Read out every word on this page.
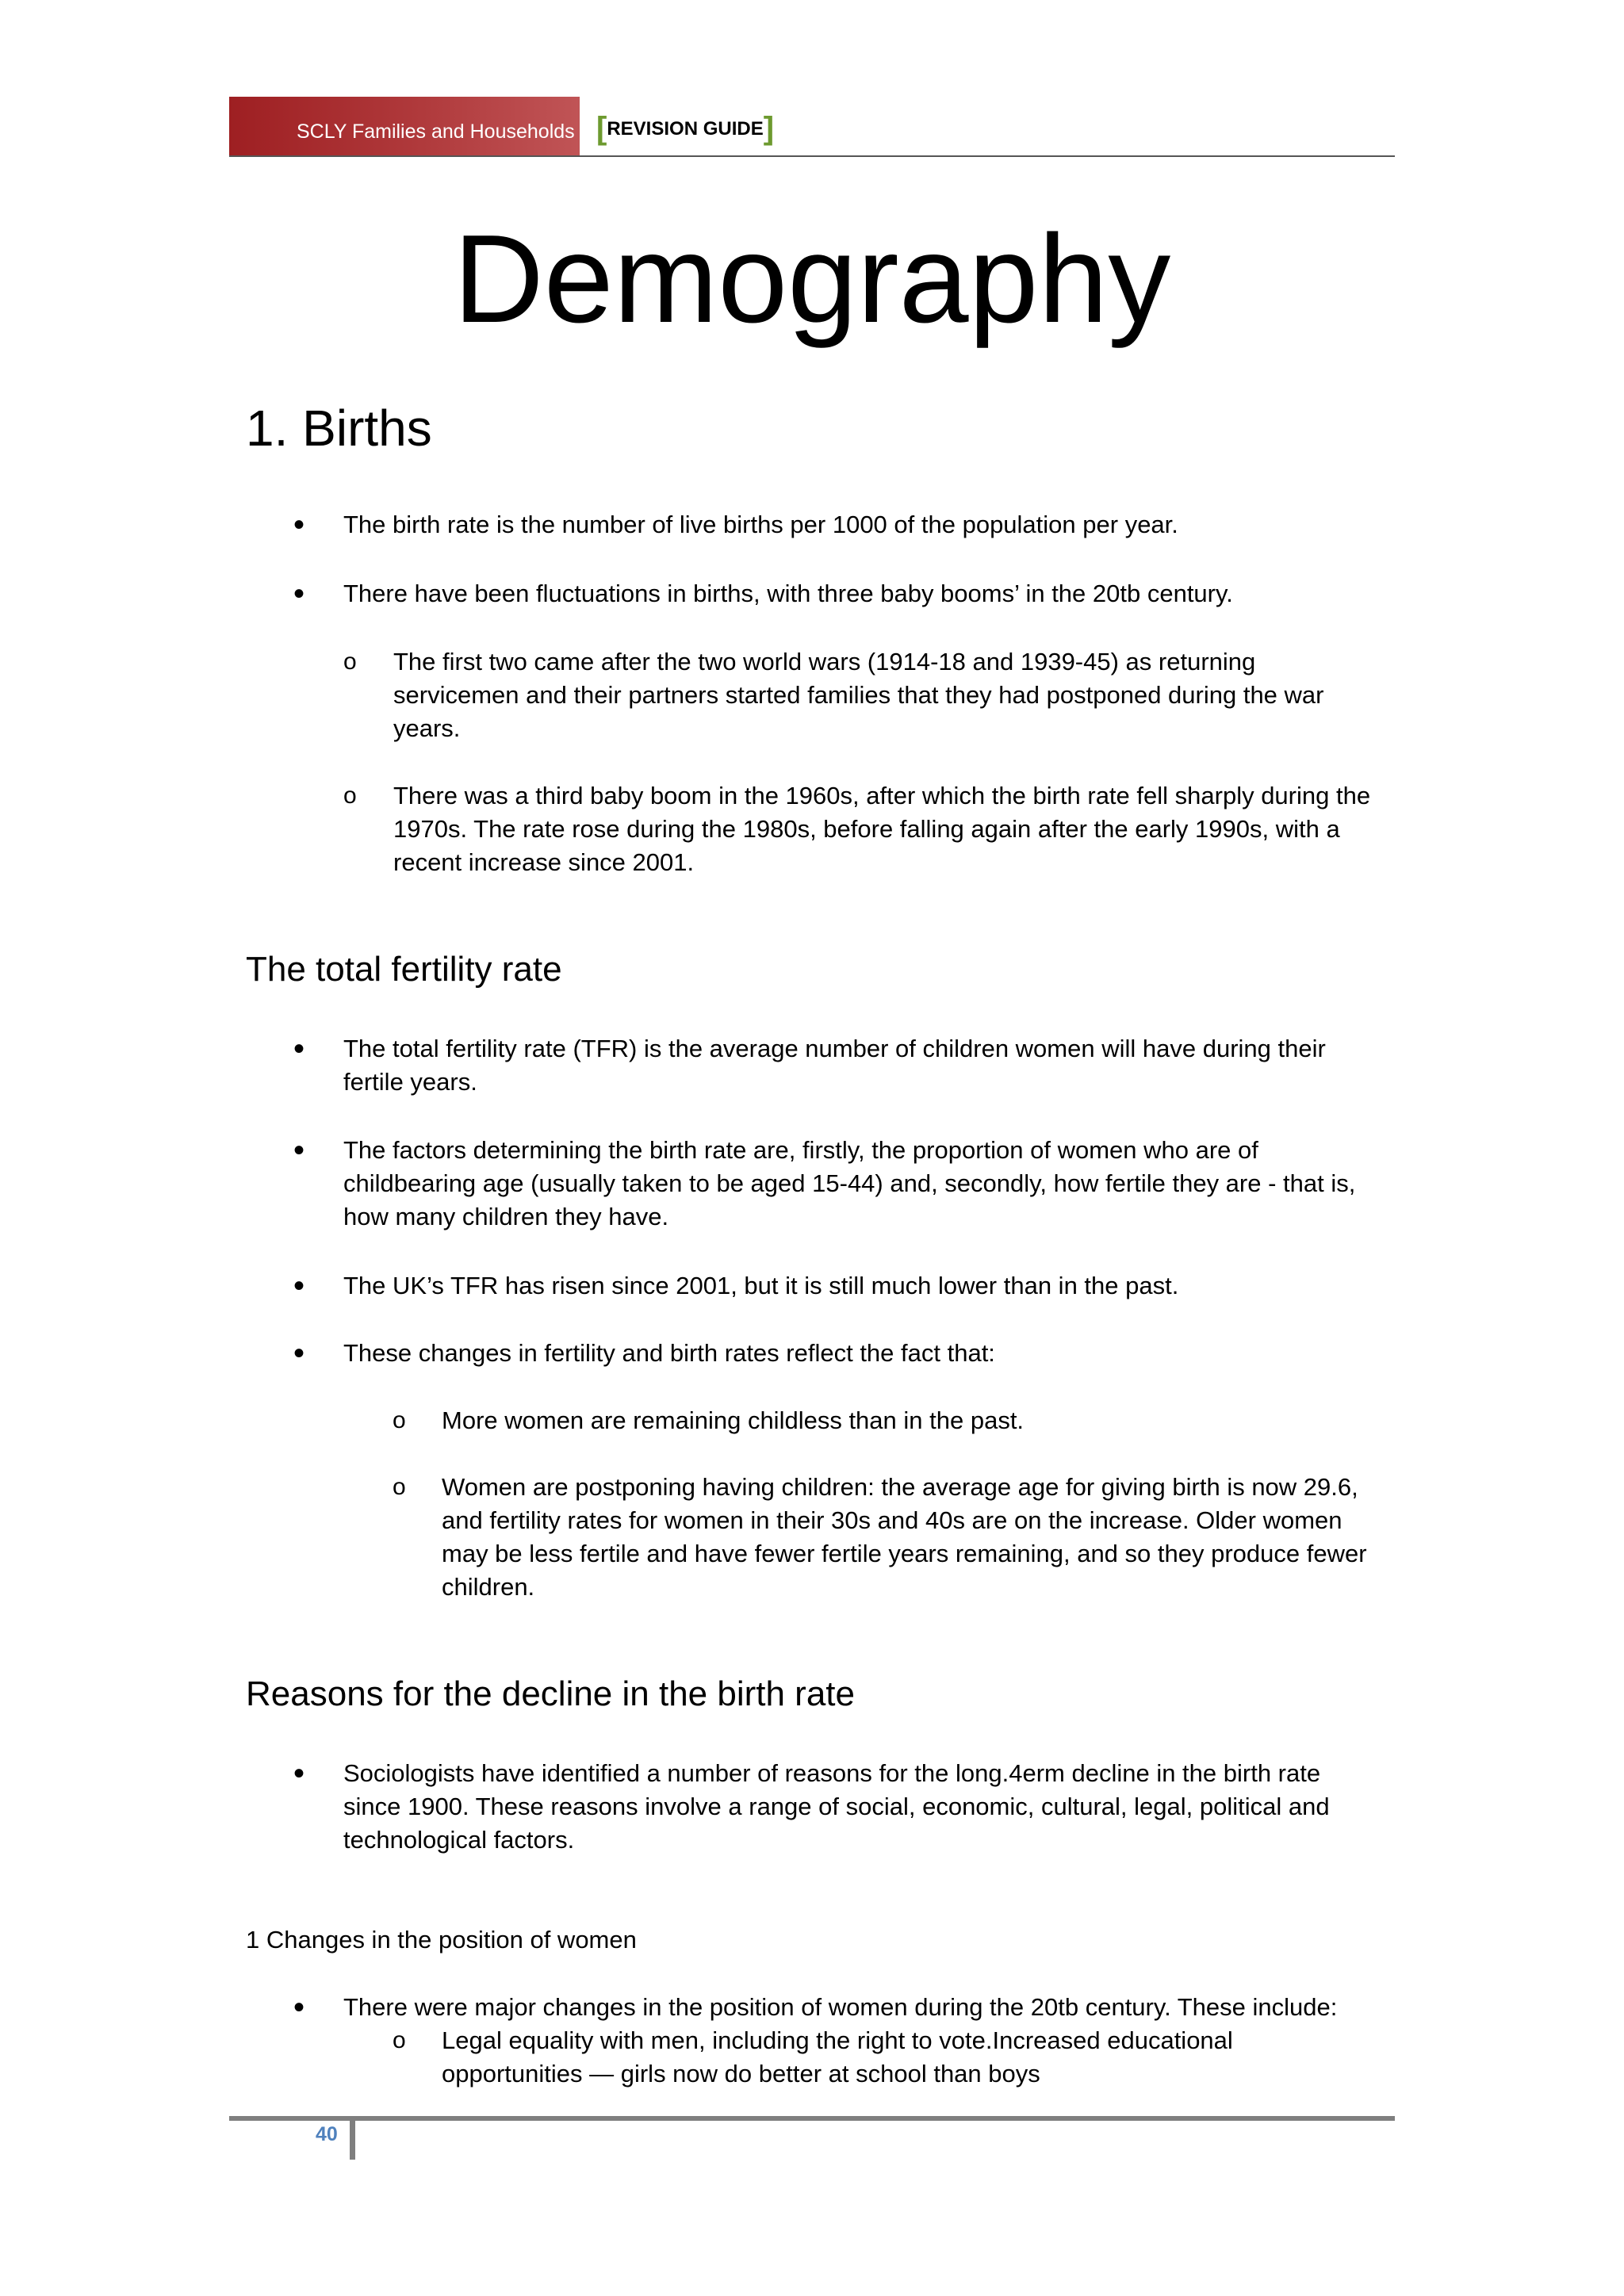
SCLY Families and Households [REVISION GUIDE]
Demography
1. Births
• The birth rate is the number of live births per 1000 of the population per year.
• There have been fluctuations in births, with three baby booms’ in the 20tb century.
o The first two came after the two world wars (1914-18 and 1939-45) as returning servicemen and their partners started families that they had postponed during the war years.
o There was a third baby boom in the 1960s, after which the birth rate fell sharply during the 1970s. The rate rose during the 1980s, before falling again after the early 1990s, with a recent increase since 2001.
The total fertility rate
• The total fertility rate (TFR) is the average number of children women will have during their fertile years.
• The factors determining the birth rate are, firstly, the proportion of women who are of childbearing age (usually taken to be aged 15-44) and, secondly, how fertile they are - that is, how many children they have.
• The UK’s TFR has risen since 2001, but it is still much lower than in the past.
• These changes in fertility and birth rates reflect the fact that:
o More women are remaining childless than in the past.
o Women are postponing having children: the average age for giving birth is now 29.6, and fertility rates for women in their 30s and 40s are on the increase. Older women may be less fertile and have fewer fertile years remaining, and so they produce fewer children.
Reasons for the decline in the birth rate
• Sociologists have identified a number of reasons for the long.4erm decline in the birth rate since 1900. These reasons involve a range of social, economic, cultural, legal, political and technological factors.
1 Changes in the position of women
• There were major changes in the position of women during the 20tb century. These include:
o Legal equality with men, including the right to vote.Increased educational opportunities — girls now do better at school than boys
40
